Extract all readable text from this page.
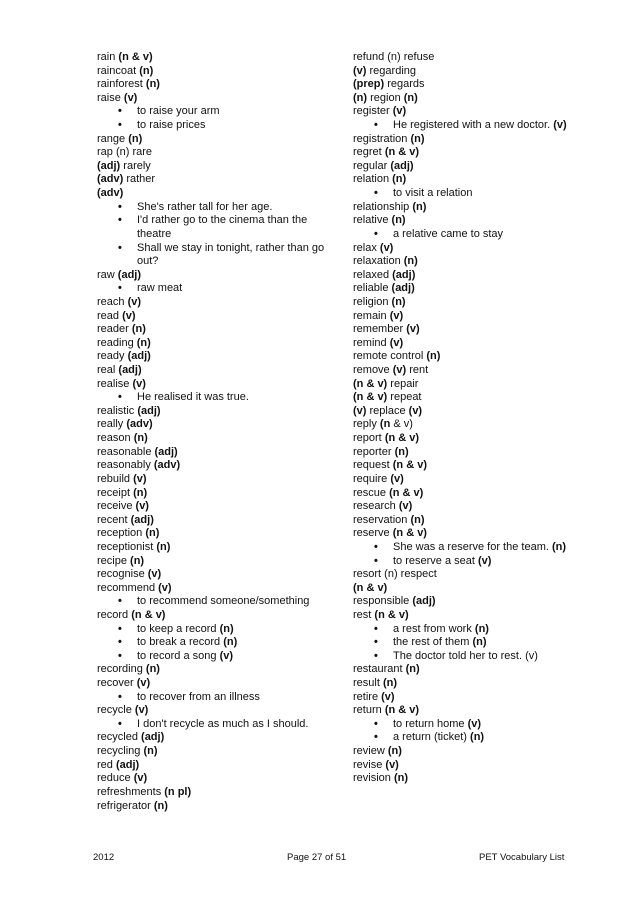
rain (n & v)
raincoat (n)
rainforest (n)
raise (v)
• to raise your arm
• to raise prices
range (n)
rap (n) rare
(adj) rarely
(adv) rather
(adv)
• She's rather tall for her age.
• I'd rather go to the cinema than the
theatre
• Shall we stay in tonight, rather than go
out?
raw (adj)
• raw meat
reach (v)
read (v)
reader (n)
reading (n)
ready (adj)
real (adj)
realise (v)
• He realised it was true.
realistic (adj)
really (adv)
reason (n)
reasonable (adj)
reasonably (adv)
rebuild (v)
receipt (n)
receive (v)
recent (adj)
reception (n)
receptionist (n)
recipe (n)
recognise (v)
recommend (v)
• to recommend someone/something
record (n & v)
• to keep a record (n)
• to break a record (n)
• to record a song (v)
recording (n)
recover (v)
• to recover from an illness
recycle (v)
• I don't recycle as much as I should.
recycled (adj)
recycling (n)
red (adj)
reduce (v)
refreshments (n pl)
refrigerator (n)
refund (n) refuse
(v) regarding
(prep) regards
(n) region (n)
register (v)
• He registered with a new doctor. (v)
registration (n)
regret (n & v)
regular (adj)
relation (n)
• to visit a relation
relationship (n)
relative (n)
• a relative came to stay
relax (v)
relaxation (n)
relaxed (adj)
reliable (adj)
religion (n)
remain (v)
remember (v)
remind (v)
remote control (n)
remove (v) rent
(n & v) repair
(n & v) repeat
(v) replace (v)
reply (n & v)
report (n & v)
reporter (n)
request (n & v)
require (v)
rescue (n & v)
research (v)
reservation (n)
reserve (n & v)
• She was a reserve for the team. (n)
• to reserve a seat (v)
resort (n) respect
(n & v)
responsible (adj)
rest (n & v)
• a rest from work (n)
• the rest of them (n)
• The doctor told her to rest. (v)
restaurant (n)
result (n)
retire (v)
return (n & v)
• to return home (v)
• a return (ticket) (n)
review (n)
revise (v)
revision (n)
2012	Page 27 of 51	PET Vocabulary List
